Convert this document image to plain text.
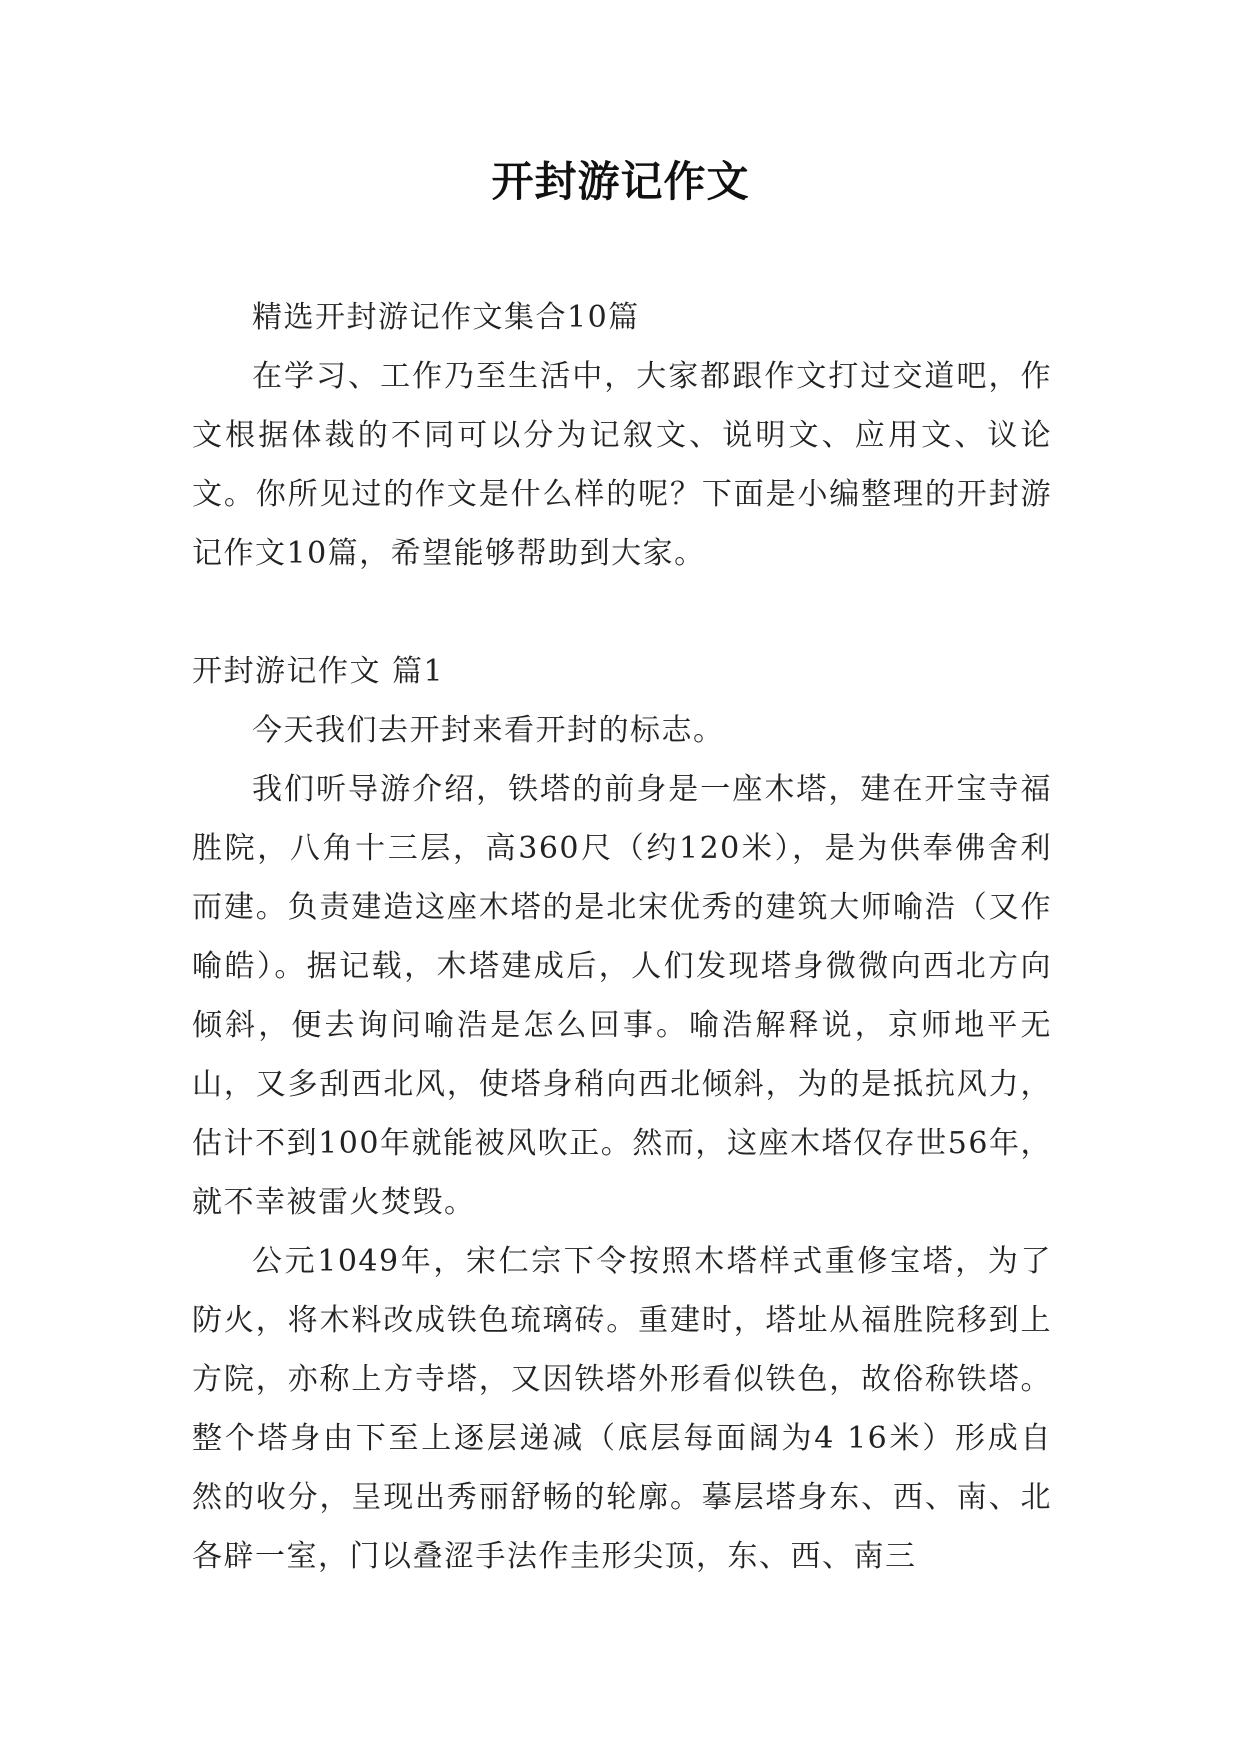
开封游记作文

精选开封游记作文集合10篇

在学习、工作乃至生活中，大家都跟作文打过交道吧，作文根据体裁的不同可以分为记叙文、说明文、应用文、议论文。你所见过的作文是什么样的呢？下面是小编整理的开封游记作文10篇，希望能够帮助到大家。

开封游记作文 篇1

今天我们去开封来看开封的标志。

我们听导游介绍，铁塔的前身是一座木塔，建在开宝寺福胜院，八角十三层，高360尺（约120米），是为供奉佛舍利而建。负责建造这座木塔的是北宋优秀的建筑大师喻浩（又作喻皓）。据记载，木塔建成后，人们发现塔身微微向西北方向倾斜，便去询问喻浩是怎么回事。喻浩解释说，京师地平无山，又多刮西北风，使塔身稍向西北倾斜，为的是抵抗风力，估计不到100年就能被风吹正。然而，这座木塔仅存世56年，就不幸被雷火焚毁。

公元1049年，宋仁宗下令按照木塔样式重修宝塔，为了防火，将木料改成铁色琉璃砖。重建时，塔址从福胜院移到上方院，亦称上方寺塔，又因铁塔外形看似铁色，故俗称铁塔。整个塔身由下至上逐层递减（底层每面阔为4 16米）形成自然的收分，呈现出秀丽舒畅的轮廓。摹层塔身东、西、南、北各辟一室，门以叠涩手法作圭形尖顶，东、西、南三
